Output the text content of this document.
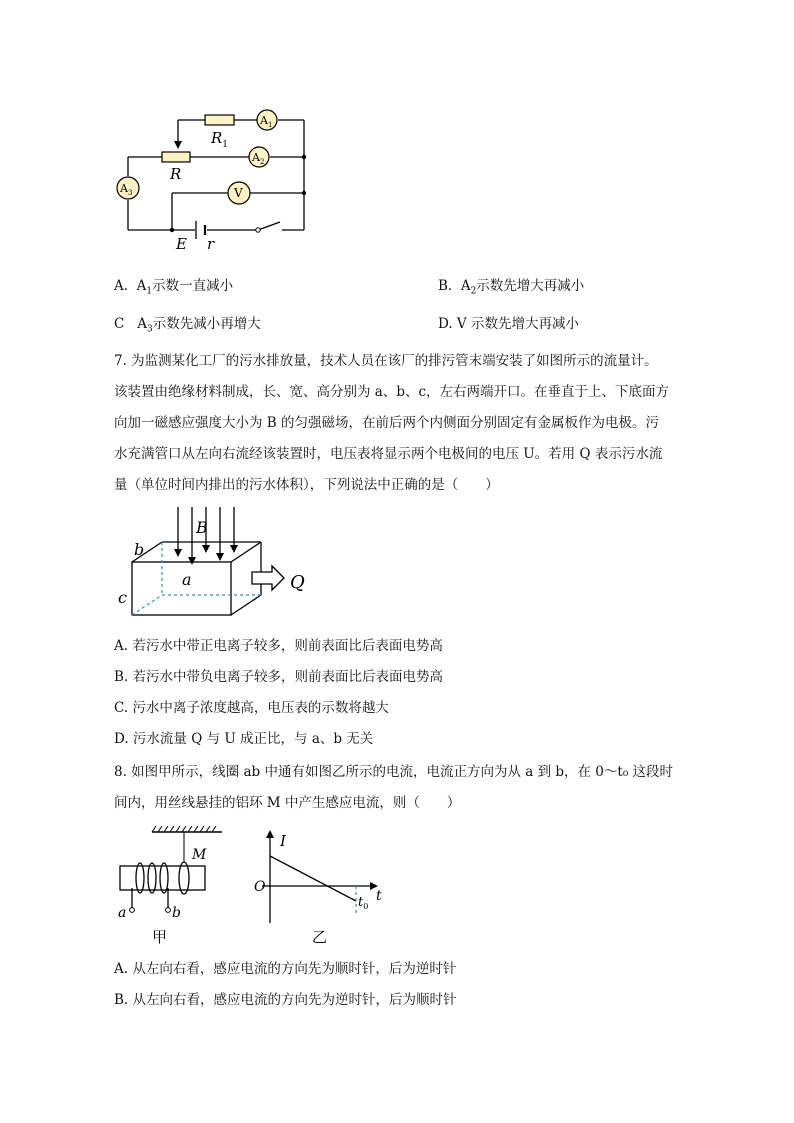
$A_1$
$A_2$
$A_3$	V
$R_1$
R
E r
A. $A_1$示数一直减小	B. $A_2$示数先增大再减小
C $A_3$示数先减小再增大	D. V 示数先增大再减小
7. 为监测某化工厂的污水排放量，技术人员在该厂的排污管末端安装了如图所示的流量计。
该装置由绝缘材料制成，长、宽、高分别为 a、b、c，左右两端开口。在垂直于上、下底面方
向加一磁感应强度大小为 B 的匀强磁场，在前后两个内侧面分别固定有金属板作为电极。污
水充满管口从左向右流经该装置时，电压表将显示两个电极间的电压 U。若用 Q 表示污水流
量（单位时间内排出的污水体积），下列说法中正确的是（　　）
B
b
a
c
Q
A. 若污水中带正电离子较多，则前表面比后表面电势高
B. 若污水中带负电离子较多，则前表面比后表面电势高
C. 污水中离子浓度越高，电压表的示数将越大
D. 污水流量 Q 与 U 成正比，与 a、b 无关
8. 如图甲所示，线圈 ab 中通有如图乙所示的电流，电流正方向为从 a 到 b，在 0～t₀ 这段时
间内，用丝线悬挂的铝环 M 中产生感应电流，则（　　）
M
a	b
甲
I
O
t
$t_0$
乙
A. 从左向右看，感应电流的方向先为顺时针，后为逆时针
B. 从左向右看，感应电流的方向先为逆时针，后为顺时针
